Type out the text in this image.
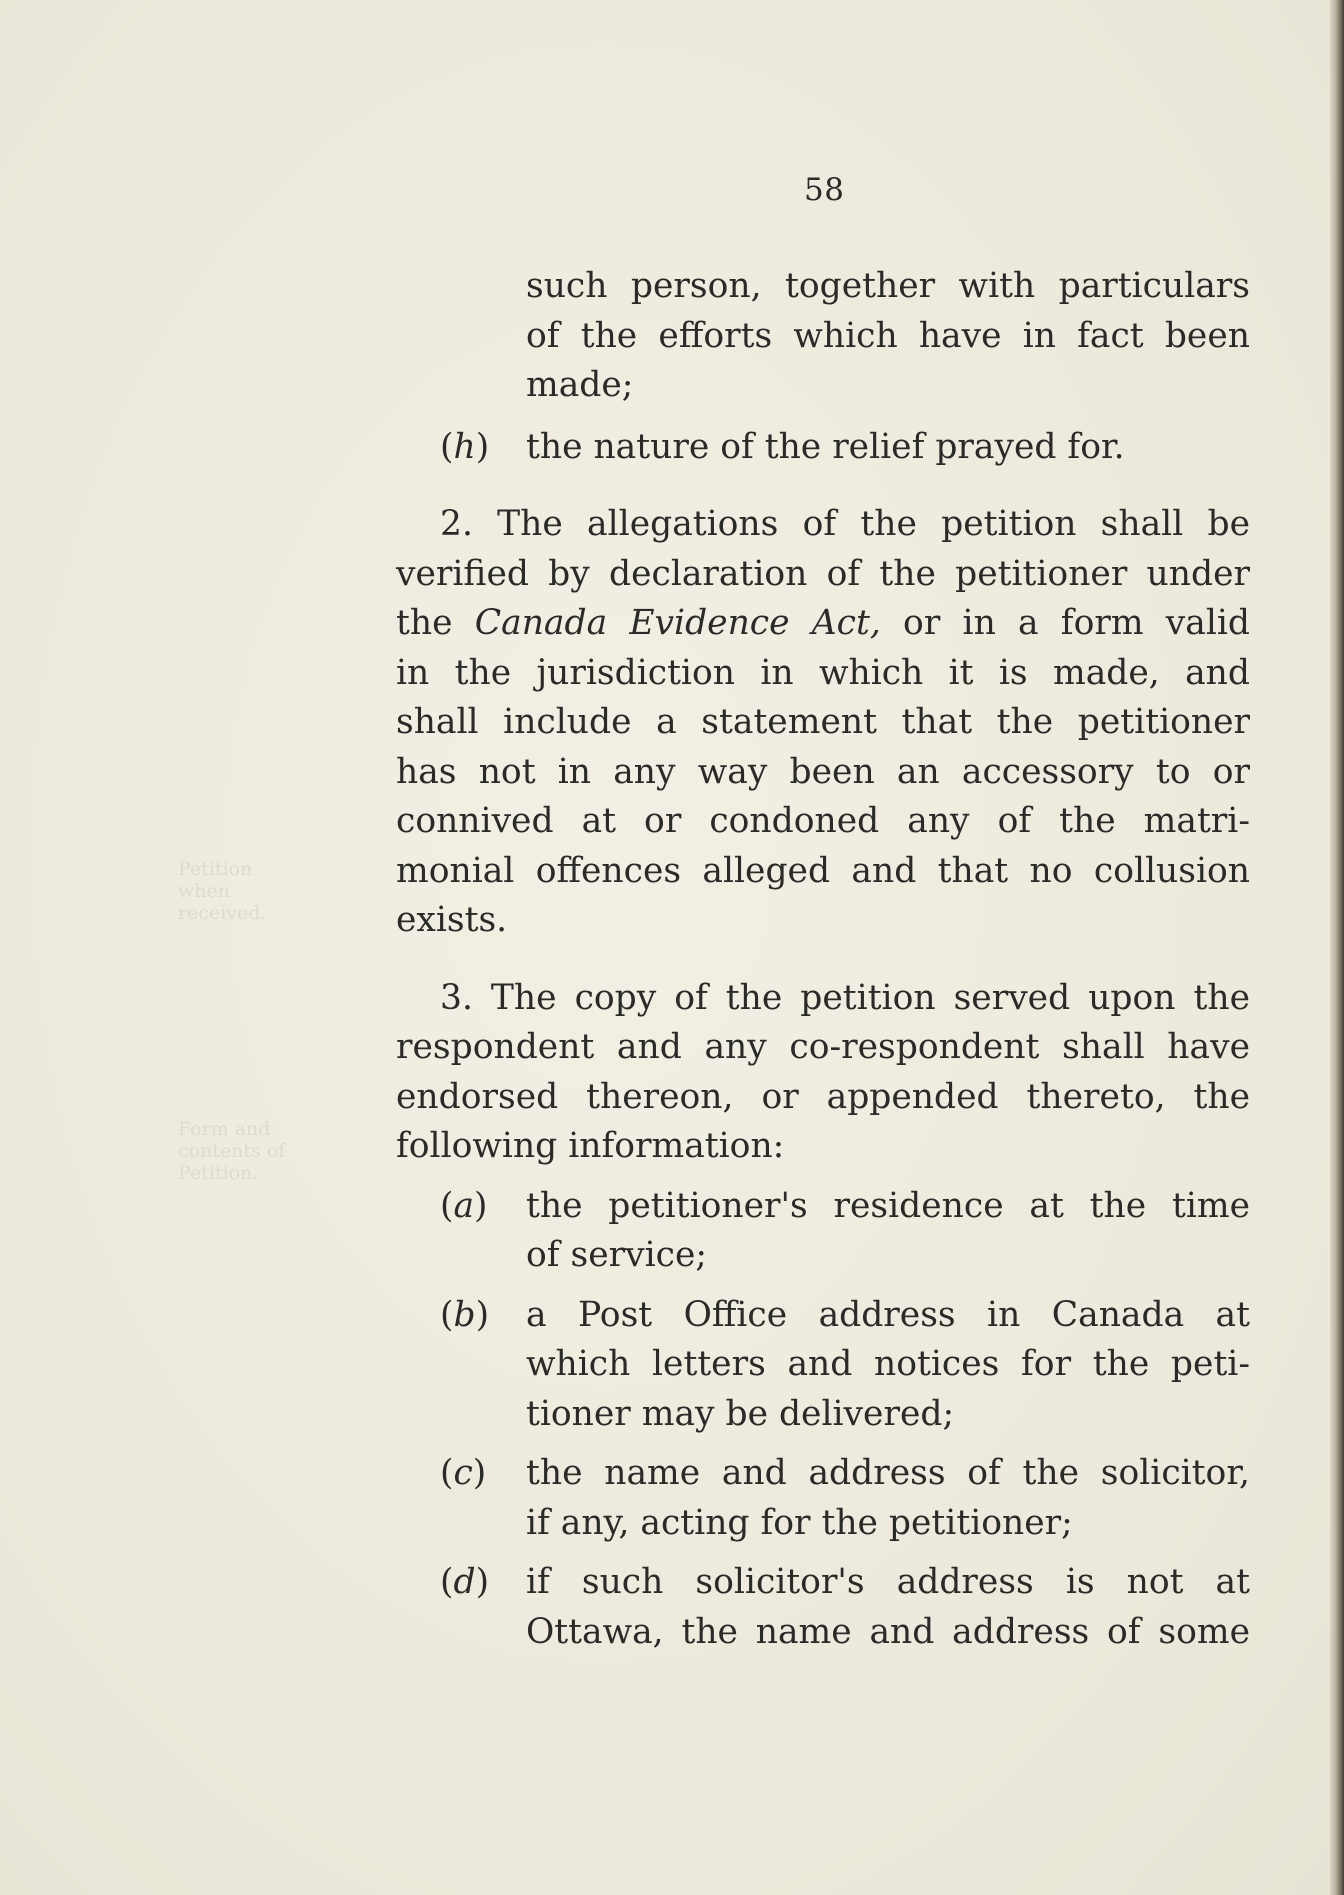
Petition
when
received.
Form and
contents of
Petition.
58

such person, together with particulars

of the efforts which have in fact been

made;

(h)	the nature of the relief prayed for.

2. The allegations of the petition shall be

verified by declaration of the petitioner under

the Canada Evidence Act, or in a form valid

in the jurisdiction in which it is made, and

shall include a statement that the petitioner

has not in any way been an accessory to or

connived at or condoned any of the matri-

monial offences alleged and that no collusion

exists.

3. The copy of the petition served upon the

respondent and any co-respondent shall have

endorsed thereon, or appended thereto, the

following information:

(a)	the petitioner's residence at the time

of service;

(b)	a Post Office address in Canada at

which letters and notices for the peti-

tioner may be delivered;

(c)	the name and address of the solicitor,

if any, acting for the petitioner;

(d)	if such solicitor's address is not at

Ottawa, the name and address of some
